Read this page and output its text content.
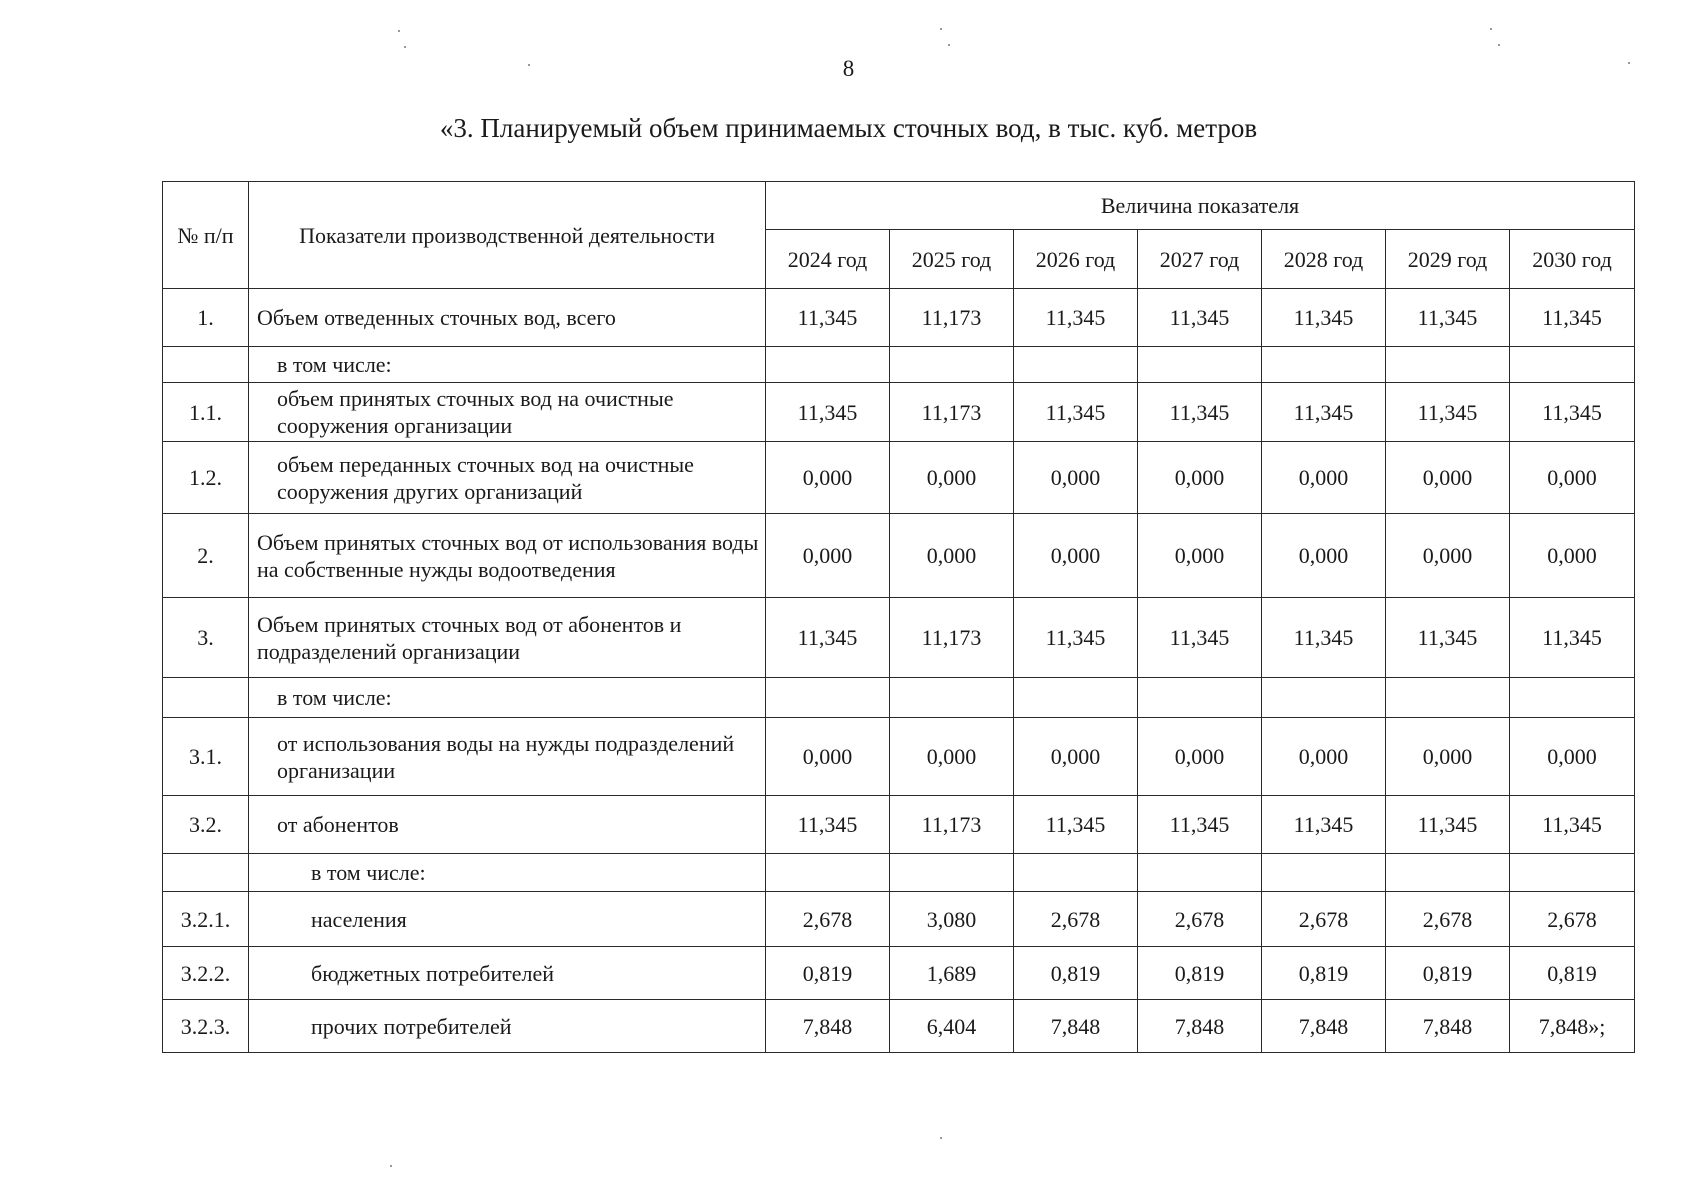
8
«3. Планируемый объем принимаемых сточных вод, в тыс. куб. метров
№ п/п	Показатели производственной деятельности	Величина показателя						
		2024 год	2025 год	2026 год	2027 год	2028 год	2029 год	2030 год
1.	Объем отведенных сточных вод, всего	11,345	11,173	11,345	11,345	11,345	11,345	11,345
	в том числе:							
1.1.	объем принятых сточных вод на очистные сооружения организации	11,345	11,173	11,345	11,345	11,345	11,345	11,345
1.2.	объем переданных сточных вод на очистные сооружения других организаций	0,000	0,000	0,000	0,000	0,000	0,000	0,000
2.	Объем принятых сточных вод от использования воды на собственные нужды водоотведения	0,000	0,000	0,000	0,000	0,000	0,000	0,000
3.	Объем принятых сточных вод от абонентов и подразделений организации	11,345	11,173	11,345	11,345	11,345	11,345	11,345
	в том числе:							
3.1.	от использования воды на нужды подразделений организации	0,000	0,000	0,000	0,000	0,000	0,000	0,000
3.2.	от абонентов	11,345	11,173	11,345	11,345	11,345	11,345	11,345
	в том числе:							
3.2.1.	населения	2,678	3,080	2,678	2,678	2,678	2,678	2,678
3.2.2.	бюджетных потребителей	0,819	1,689	0,819	0,819	0,819	0,819	0,819
3.2.3.	прочих потребителей	7,848	6,404	7,848	7,848	7,848	7,848	7,848»;
